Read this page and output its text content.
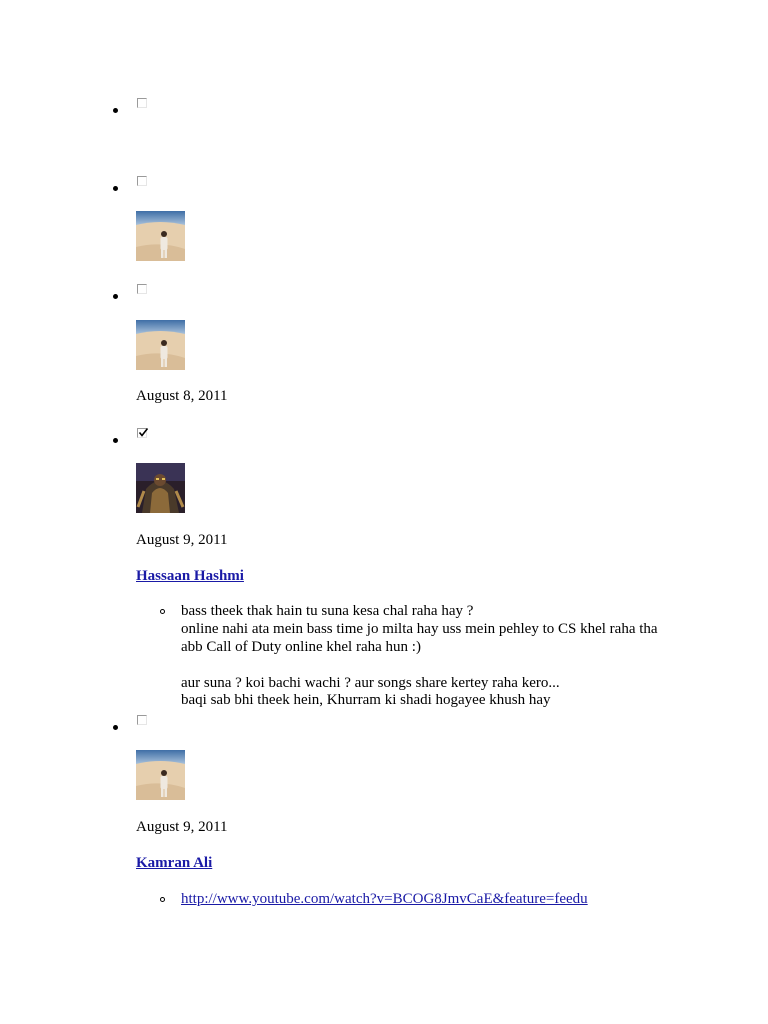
August 8, 2011
August 9, 2011
Hassaan Hashmi
bass theek thak hain tu suna kesa chal raha hay ?
online nahi ata mein bass time jo milta hay uss mein pehley to CS khel raha tha
abb Call of Duty online khel raha hun :)
aur suna ? koi bachi wachi ? aur songs share kertey raha kero...
baqi sab bhi theek hein, Khurram ki shadi hogayee khush hay
August 9, 2011
Kamran Ali
http://www.youtube.com/watch?v=BCOG8JmvCaE&feature=feedu
